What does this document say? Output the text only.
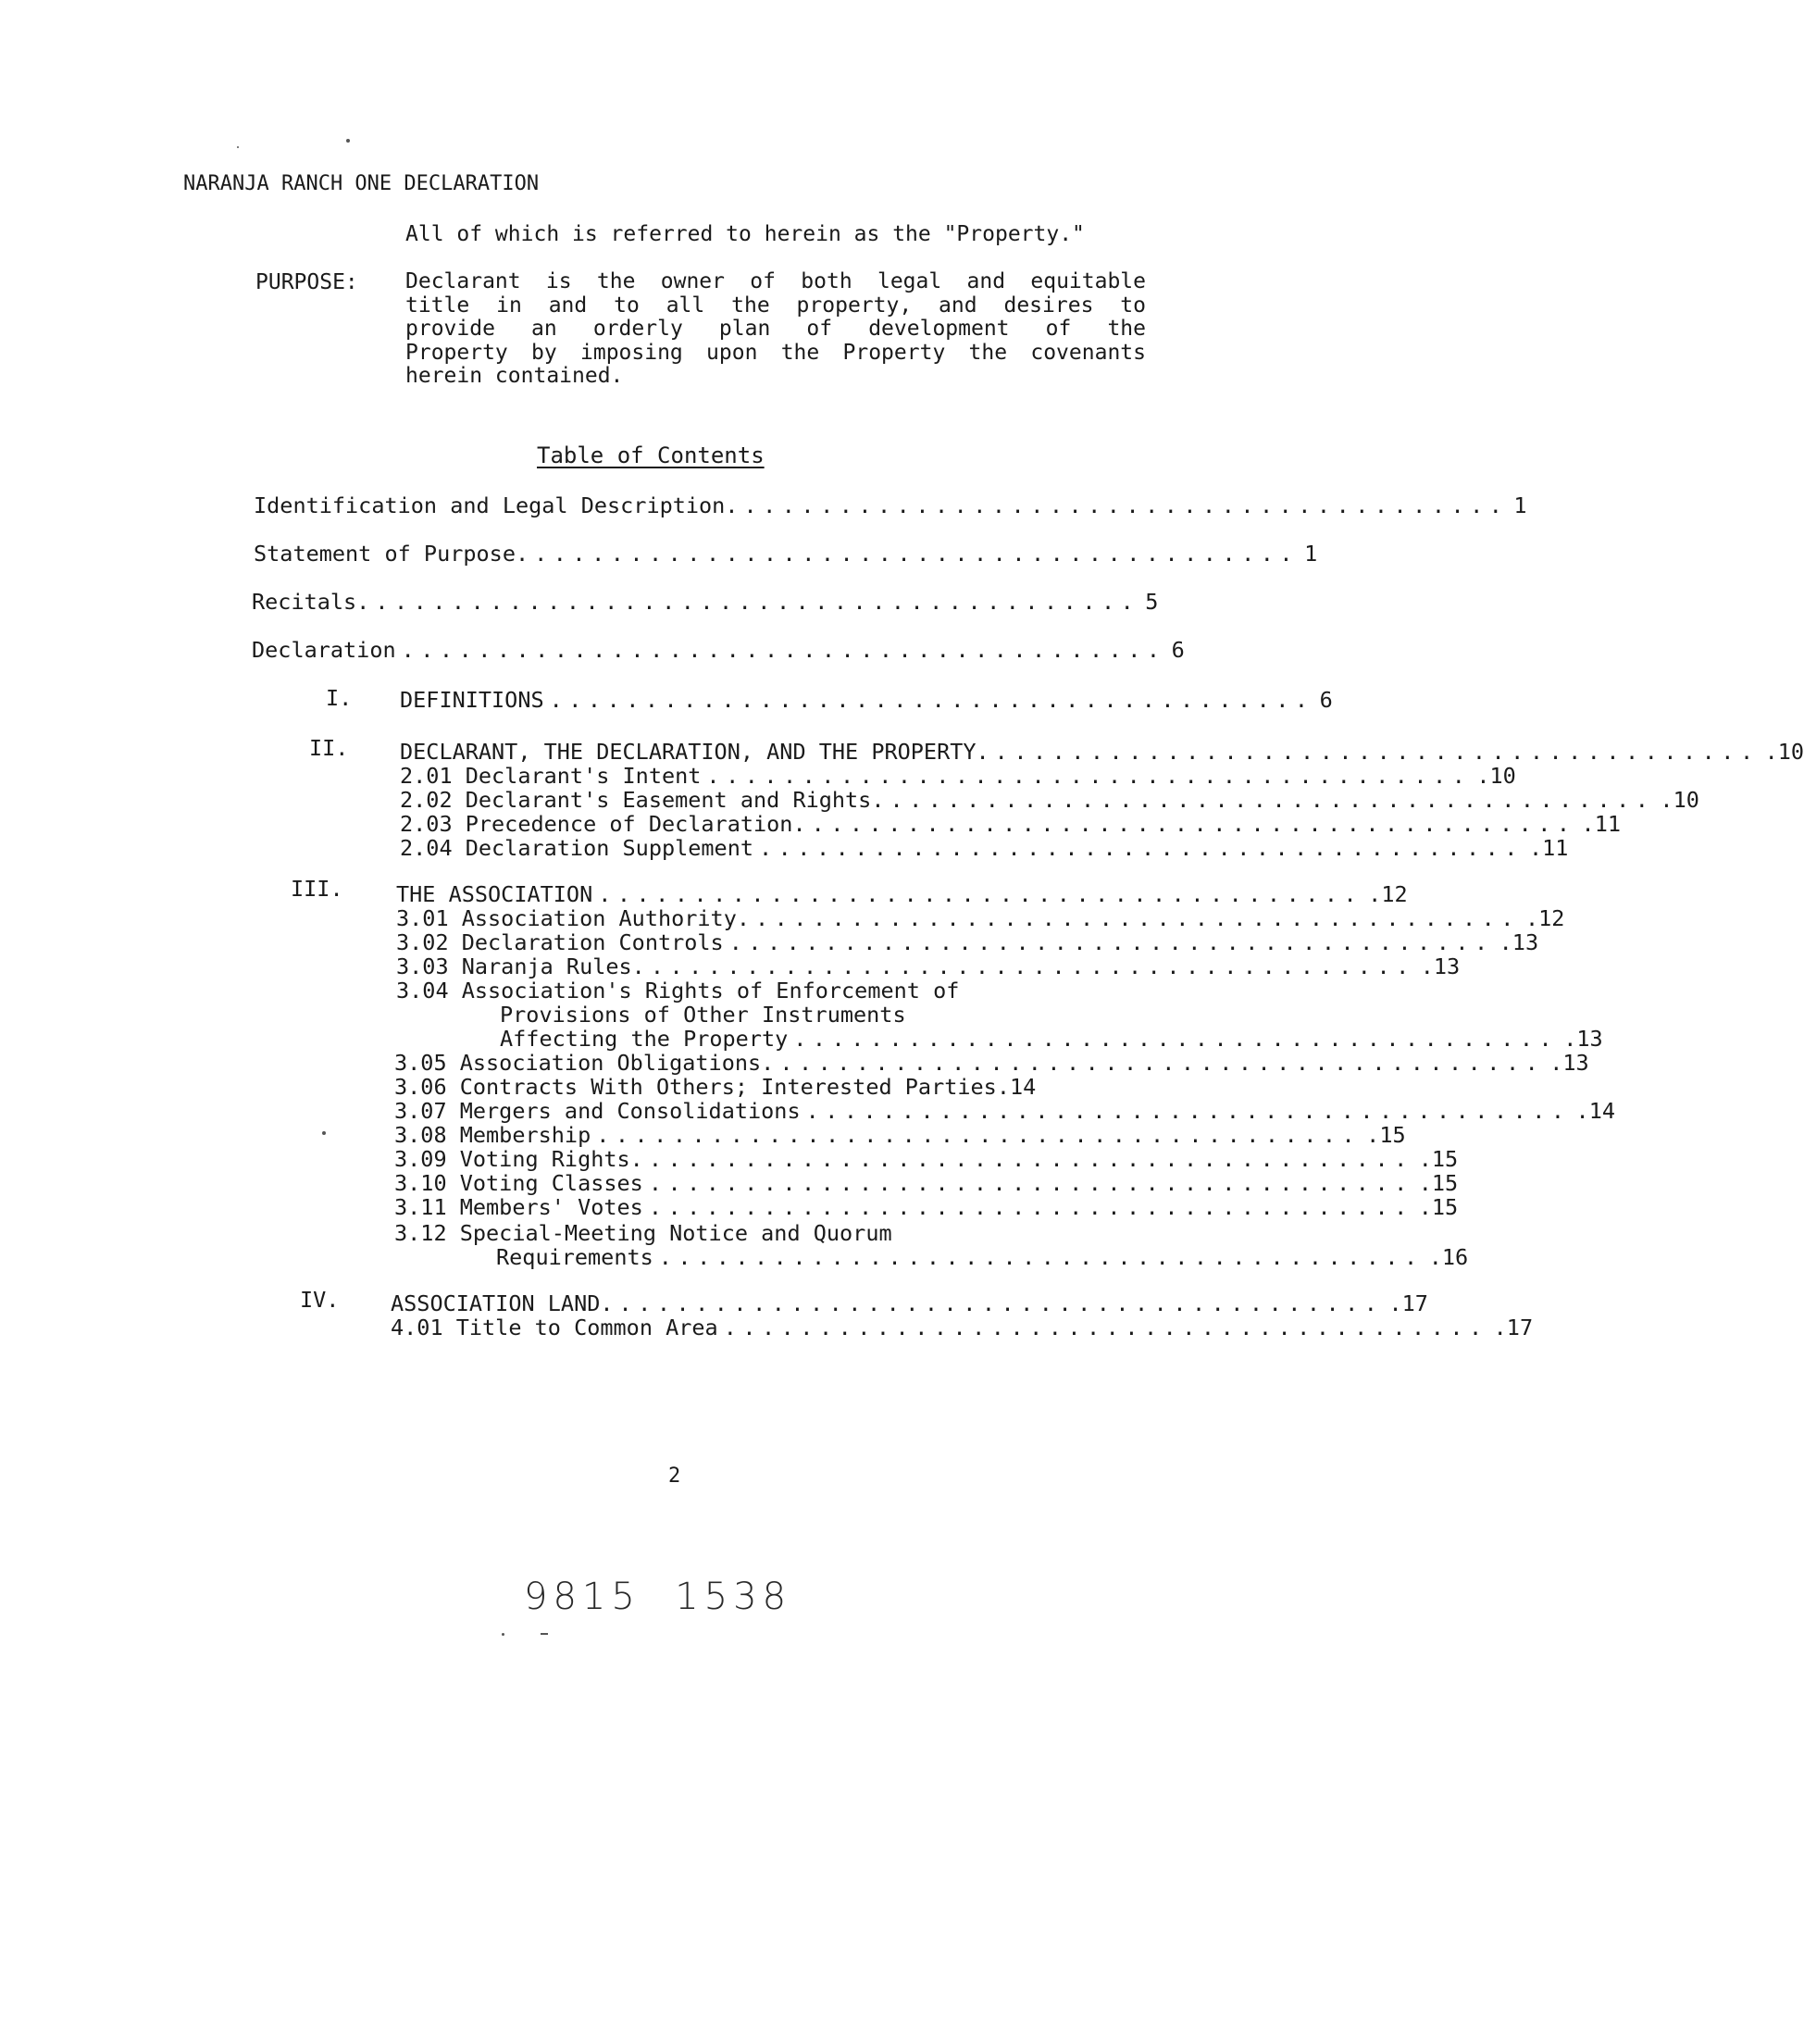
NARANJA RANCH ONE DECLARATION
All of which is referred to herein as the "Property."
PURPOSE: Declarant is the owner of both legal and equitable
title in and to all the property, and desires to
provide an orderly plan of development of the
Property by imposing upon the Property the covenants
herein contained.
Table of Contents
Identification and Legal Description. ........................................ 1
Statement of Purpose. ........................................ 1
Recitals. ........................................ 5
Declaration ........................................ 6
I. DEFINITIONS ........................................ 6
II. DECLARANT, THE DECLARATION, AND THE PROPERTY. ........................................ .10
2.01 Declarant's Intent ........................................ .10
2.02 Declarant's Easement and Rights. ........................................ .10
2.03 Precedence of Declaration. ........................................ .11
2.04 Declaration Supplement ........................................ .11
III. THE ASSOCIATION ........................................ .12
3.01 Association Authority. ........................................ .12
3.02 Declaration Controls ........................................ .13
3.03 Naranja Rules. ........................................ .13
3.04 Association's Rights of Enforcement of
Provisions of Other Instruments
Affecting the Property ........................................ .13
3.05 Association Obligations. ........................................ .13
3.06 Contracts With Others; Interested Parties. 14
3.07 Mergers and Consolidations ........................................ .14
3.08 Membership ........................................ .15
3.09 Voting Rights. ........................................ .15
3.10 Voting Classes ........................................ .15
3.11 Members' Votes ........................................ .15
3.12 Special-Meeting Notice and Quorum
Requirements ........................................ .16
IV. ASSOCIATION LAND. ........................................ .17
4.01 Title to Common Area ........................................ .17
2
9815  1538
